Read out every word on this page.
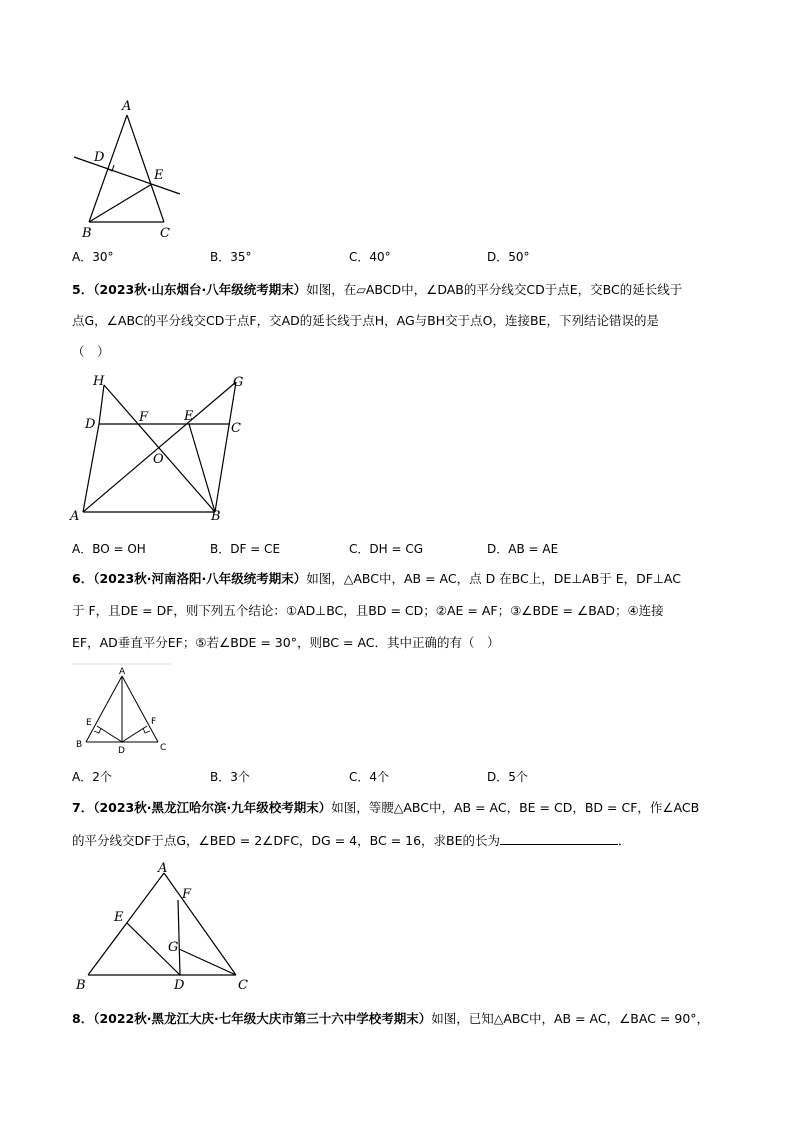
A
D
E
B	C
A．30°	B．35°	C．40°	D．50°
5．（2023秋·山东烟台·八年级统考期末）如图，在▱ABCD中，∠DAB的平分线交CD于点E，交BC的延长线于
点G，∠ABC的平分线交CD于点F，交AD的延长线于点H，AG与BH交于点O，连接BE，下列结论错误的是
（　）
H	G
D	F	E
C
O
A	B
A．BO = OH	B．DF = CE	C．DH = CG	D．AB = AE
6．（2023秋·河南洛阳·八年级统考期末）如图，△ABC中，AB = AC，点 D 在BC上，DE⊥AB于 E，DF⊥AC
于 F，且DE = DF，则下列五个结论：①AD⊥BC，且BD = CD；②AE = AF；③∠BDE = ∠BAD；④连接
EF，AD垂直平分EF；⑤若∠BDE = 30°，则BC = AC．其中正确的有（　）
A
E	F
B
D	C
A．2个	B．3个	C．4个	D．5个
7．（2023秋·黑龙江哈尔滨·九年级校考期末）如图，等腰△ABC中，AB = AC，BE = CD，BD = CF，作∠ACB
的平分线交DF于点G，∠BED = 2∠DFC，DG = 4，BC = 16，求BE的长为	．
A
F
E
G
B	D	C
8．（2022秋·黑龙江大庆·七年级大庆市第三十六中学校考期末）如图，已知△ABC中，AB = AC，∠BAC = 90°，
